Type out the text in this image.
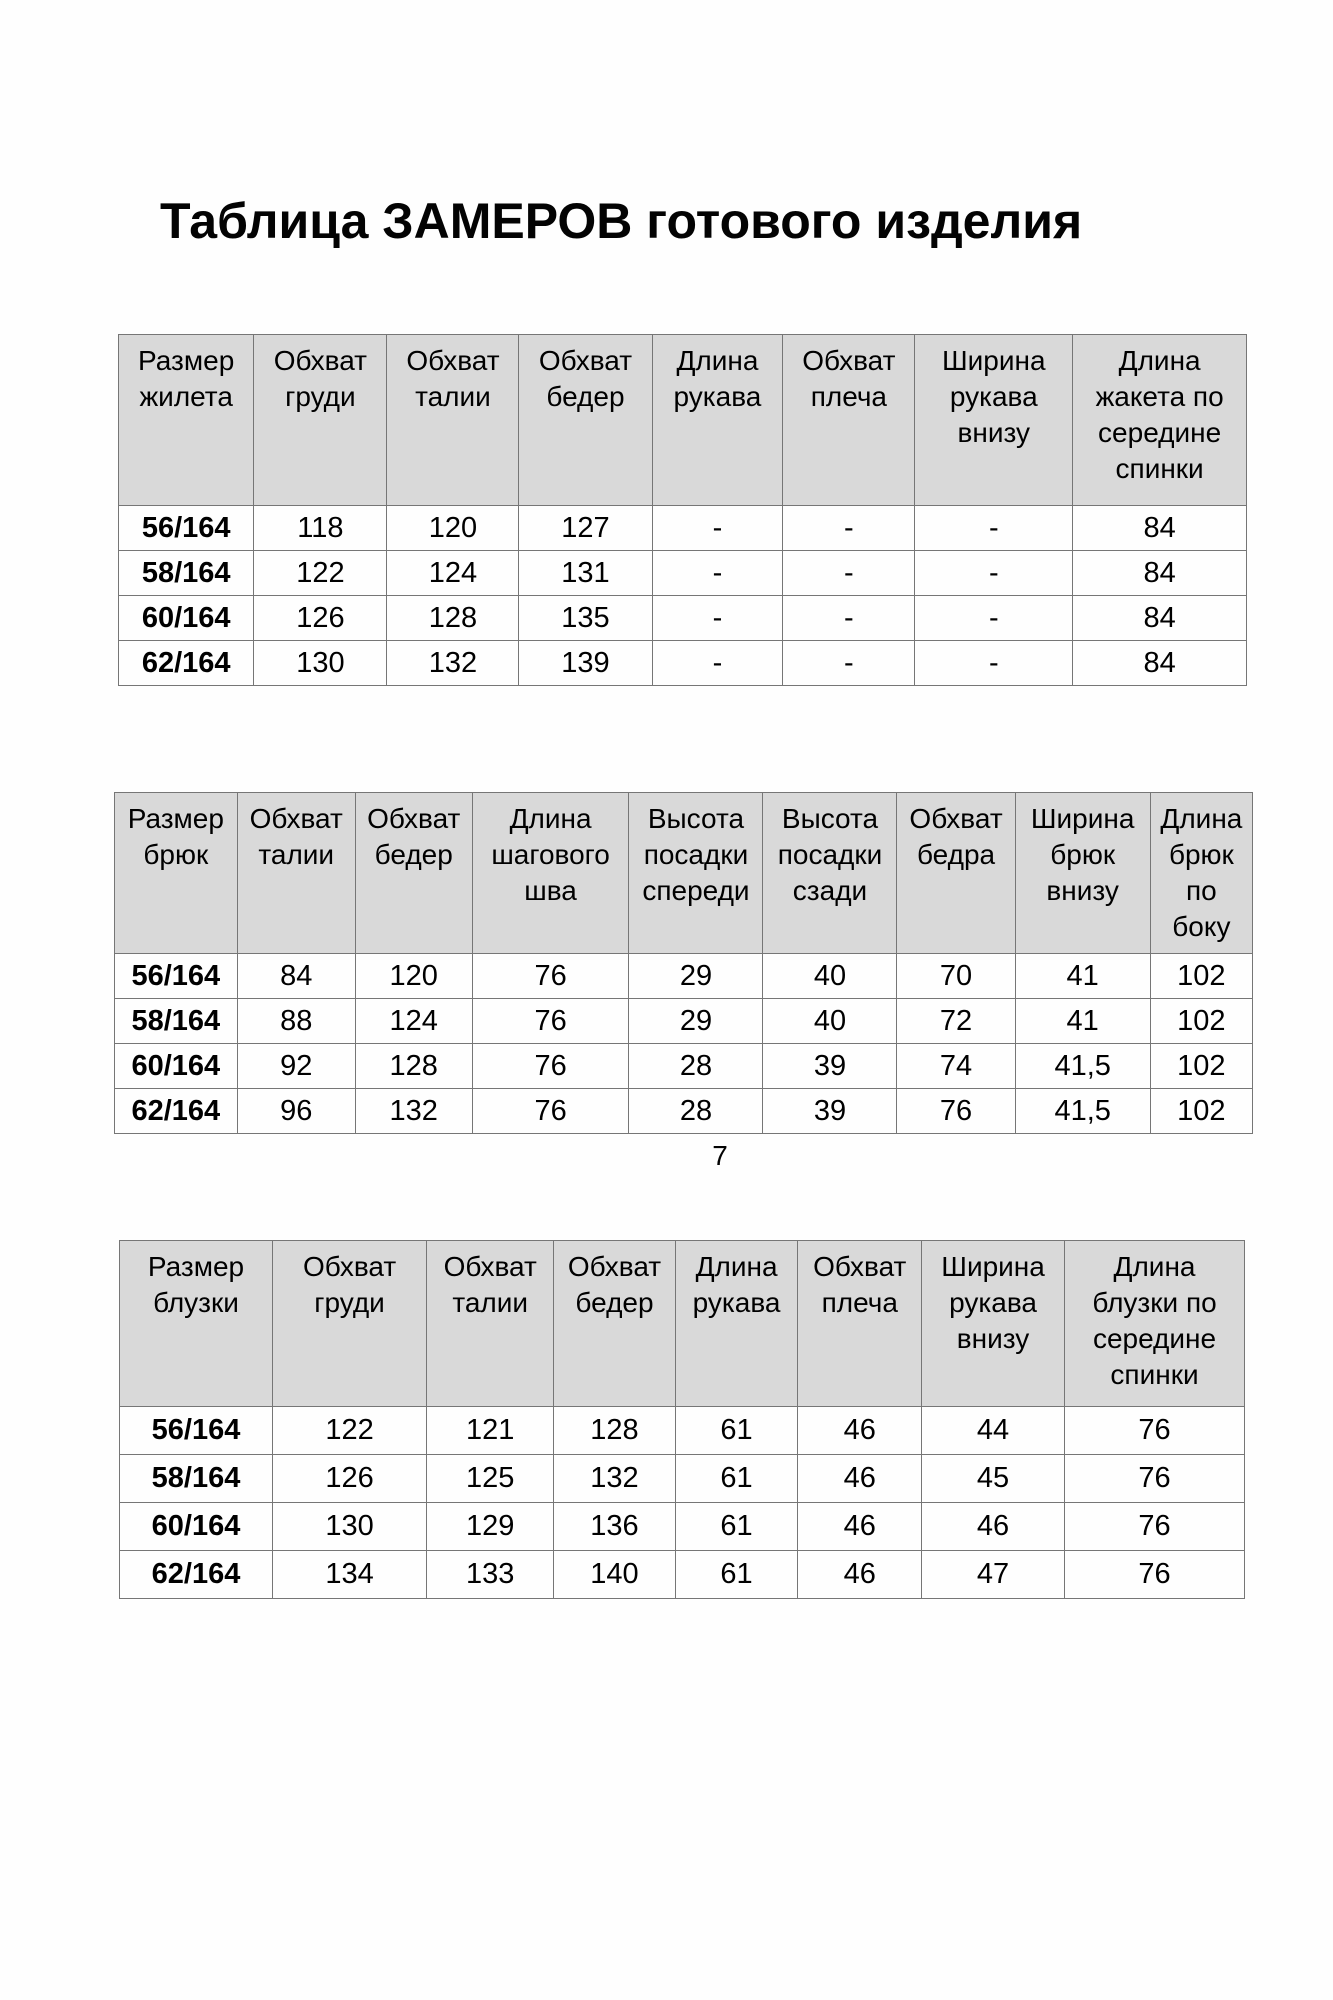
Таблица ЗАМЕРОВ готового изделия
Размер жилета	Обхват груди	Обхват талии	Обхват бедер	Длина рукава	Обхват плеча	Ширина рукава внизу	Длина жакета по середине спинки
56/164	118	120	127	-	-	-	84
58/164	122	124	131	-	-	-	84
60/164	126	128	135	-	-	-	84
62/164	130	132	139	-	-	-	84
Размер брюк	Обхват талии	Обхват бедер	Длина шагового шва	Высота посадки спереди	Высота посадки сзади	Обхват бедра	Ширина брюк внизу	Длина брюк по боку
56/164	84	120	76	29	40	70	41	102
58/164	88	124	76	29	40	72	41	102
60/164	92	128	76	28	39	74	41,5	102
62/164	96	132	76	28	39	76	41,5	102
7
Размер блузки	Обхват груди	Обхват талии	Обхват бедер	Длина рукава	Обхват плеча	Ширина рукава внизу	Длина блузки по середине спинки
56/164	122	121	128	61	46	44	76
58/164	126	125	132	61	46	45	76
60/164	130	129	136	61	46	46	76
62/164	134	133	140	61	46	47	76
